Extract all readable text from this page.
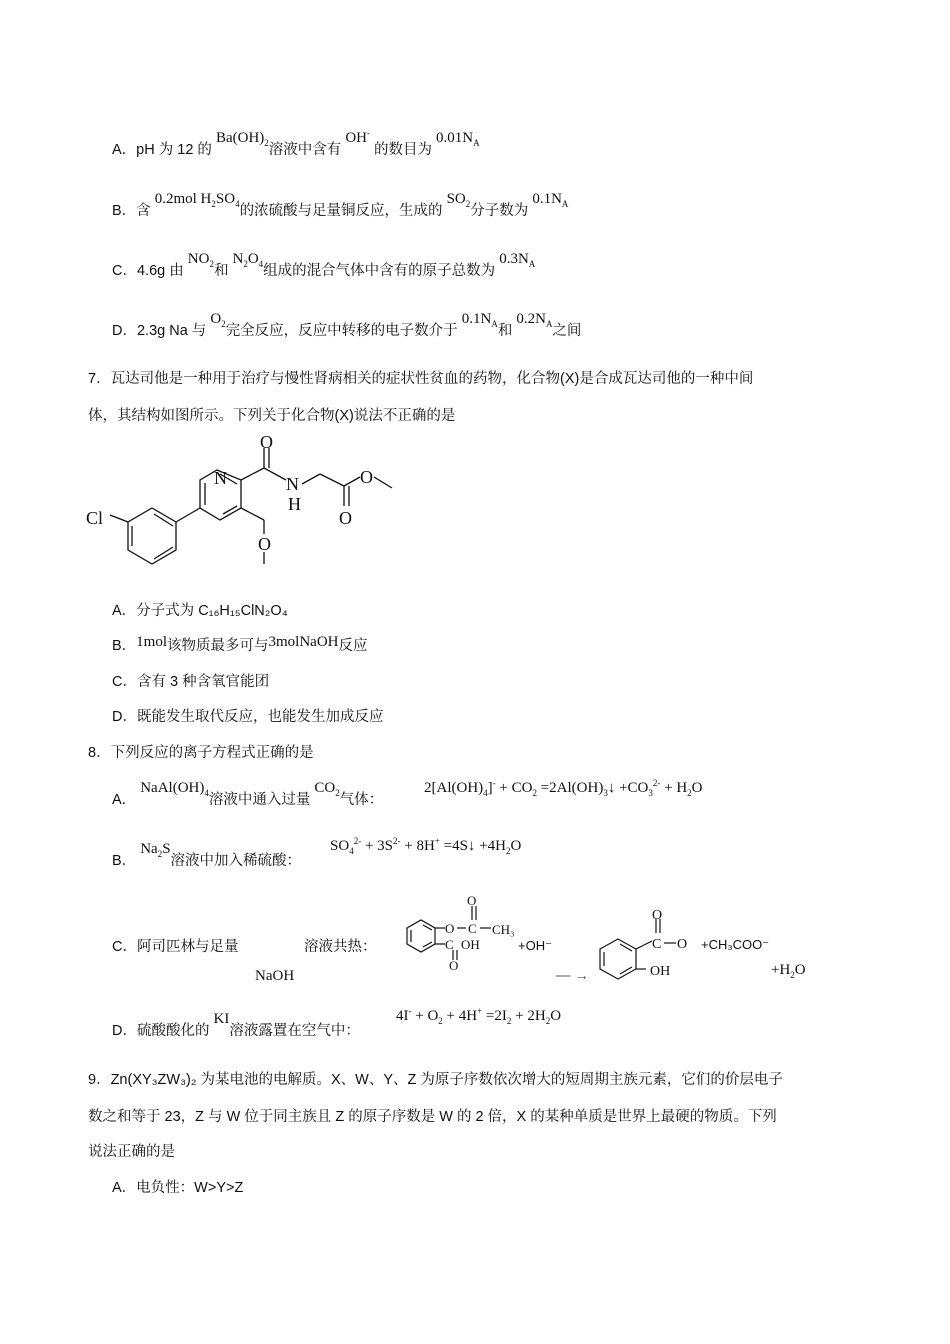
A．pH 为 12 的 $Ba(OH)_2$溶液中含有 OH- 的数目为 $0.01N_A$
B．含 0.2mol $H_2SO_4$的浓硫酸与足量铜反应，生成的 $SO_2$分子数为 $0.1N_A$
C．4.6g 由 $NO_2$和 $N_2O_4$组成的混合气体中含有的原子总数为 $0.3N_A$
D．2.3g Na 与 $O_2$完全反应，反应中转移的电子数介于 $0.1N_A$和 $0.2N_A$之间
7．瓦达司他是一种用于治疗与慢性肾病相关的症状性贫血的药物，化合物(X)是合成瓦达司他的一种中间
体，其结构如图所示。下列关于化合物(X)说法不正确的是
Cl
N
O
N
H
O
O
O
A．分子式为 C₁₆H₁₅ClN₂O₄
B．1mol该物质最多可与3molNaOH反应
C．含有 3 种含氧官能团
D．既能发生取代反应，也能发生加成反应
8．下列反应的离子方程式正确的是
A． $NaAl(OH)_4$溶液中通入过量 $CO_2$气体：
$2[Al(OH)_4]^- + CO_2$ $=2Al(OH)_3↓ +CO_3^{2-} + H_2O$
B． $Na_2S$溶液中加入稀硫酸：
$SO_4^{2-} + 3S^{2-} + 8H^+$ =4S↓ $+4H_2O$
C．阿司匹林与足量
NaOH
溶液共热：
O
O C CH₃
C OH
O
+OH⁻
— →
O
C O
OH
+CH₃COO⁻
$+H_2O$
D．硫酸酸化的 KI溶液露置在空气中：
$4I^- + O_2 + 4H^+ =2I_2 + 2H_2O$
9．Zn(XY₃ZW₃)₂ 为某电池的电解质。X、W、Y、Z 为原子序数依次增大的短周期主族元素，它们的价层电子
数之和等于 23，Z 与 W 位于同主族且 Z 的原子序数是 W 的 2 倍，X 的某种单质是世界上最硬的物质。下列
说法正确的是
A．电负性：W>Y>Z
